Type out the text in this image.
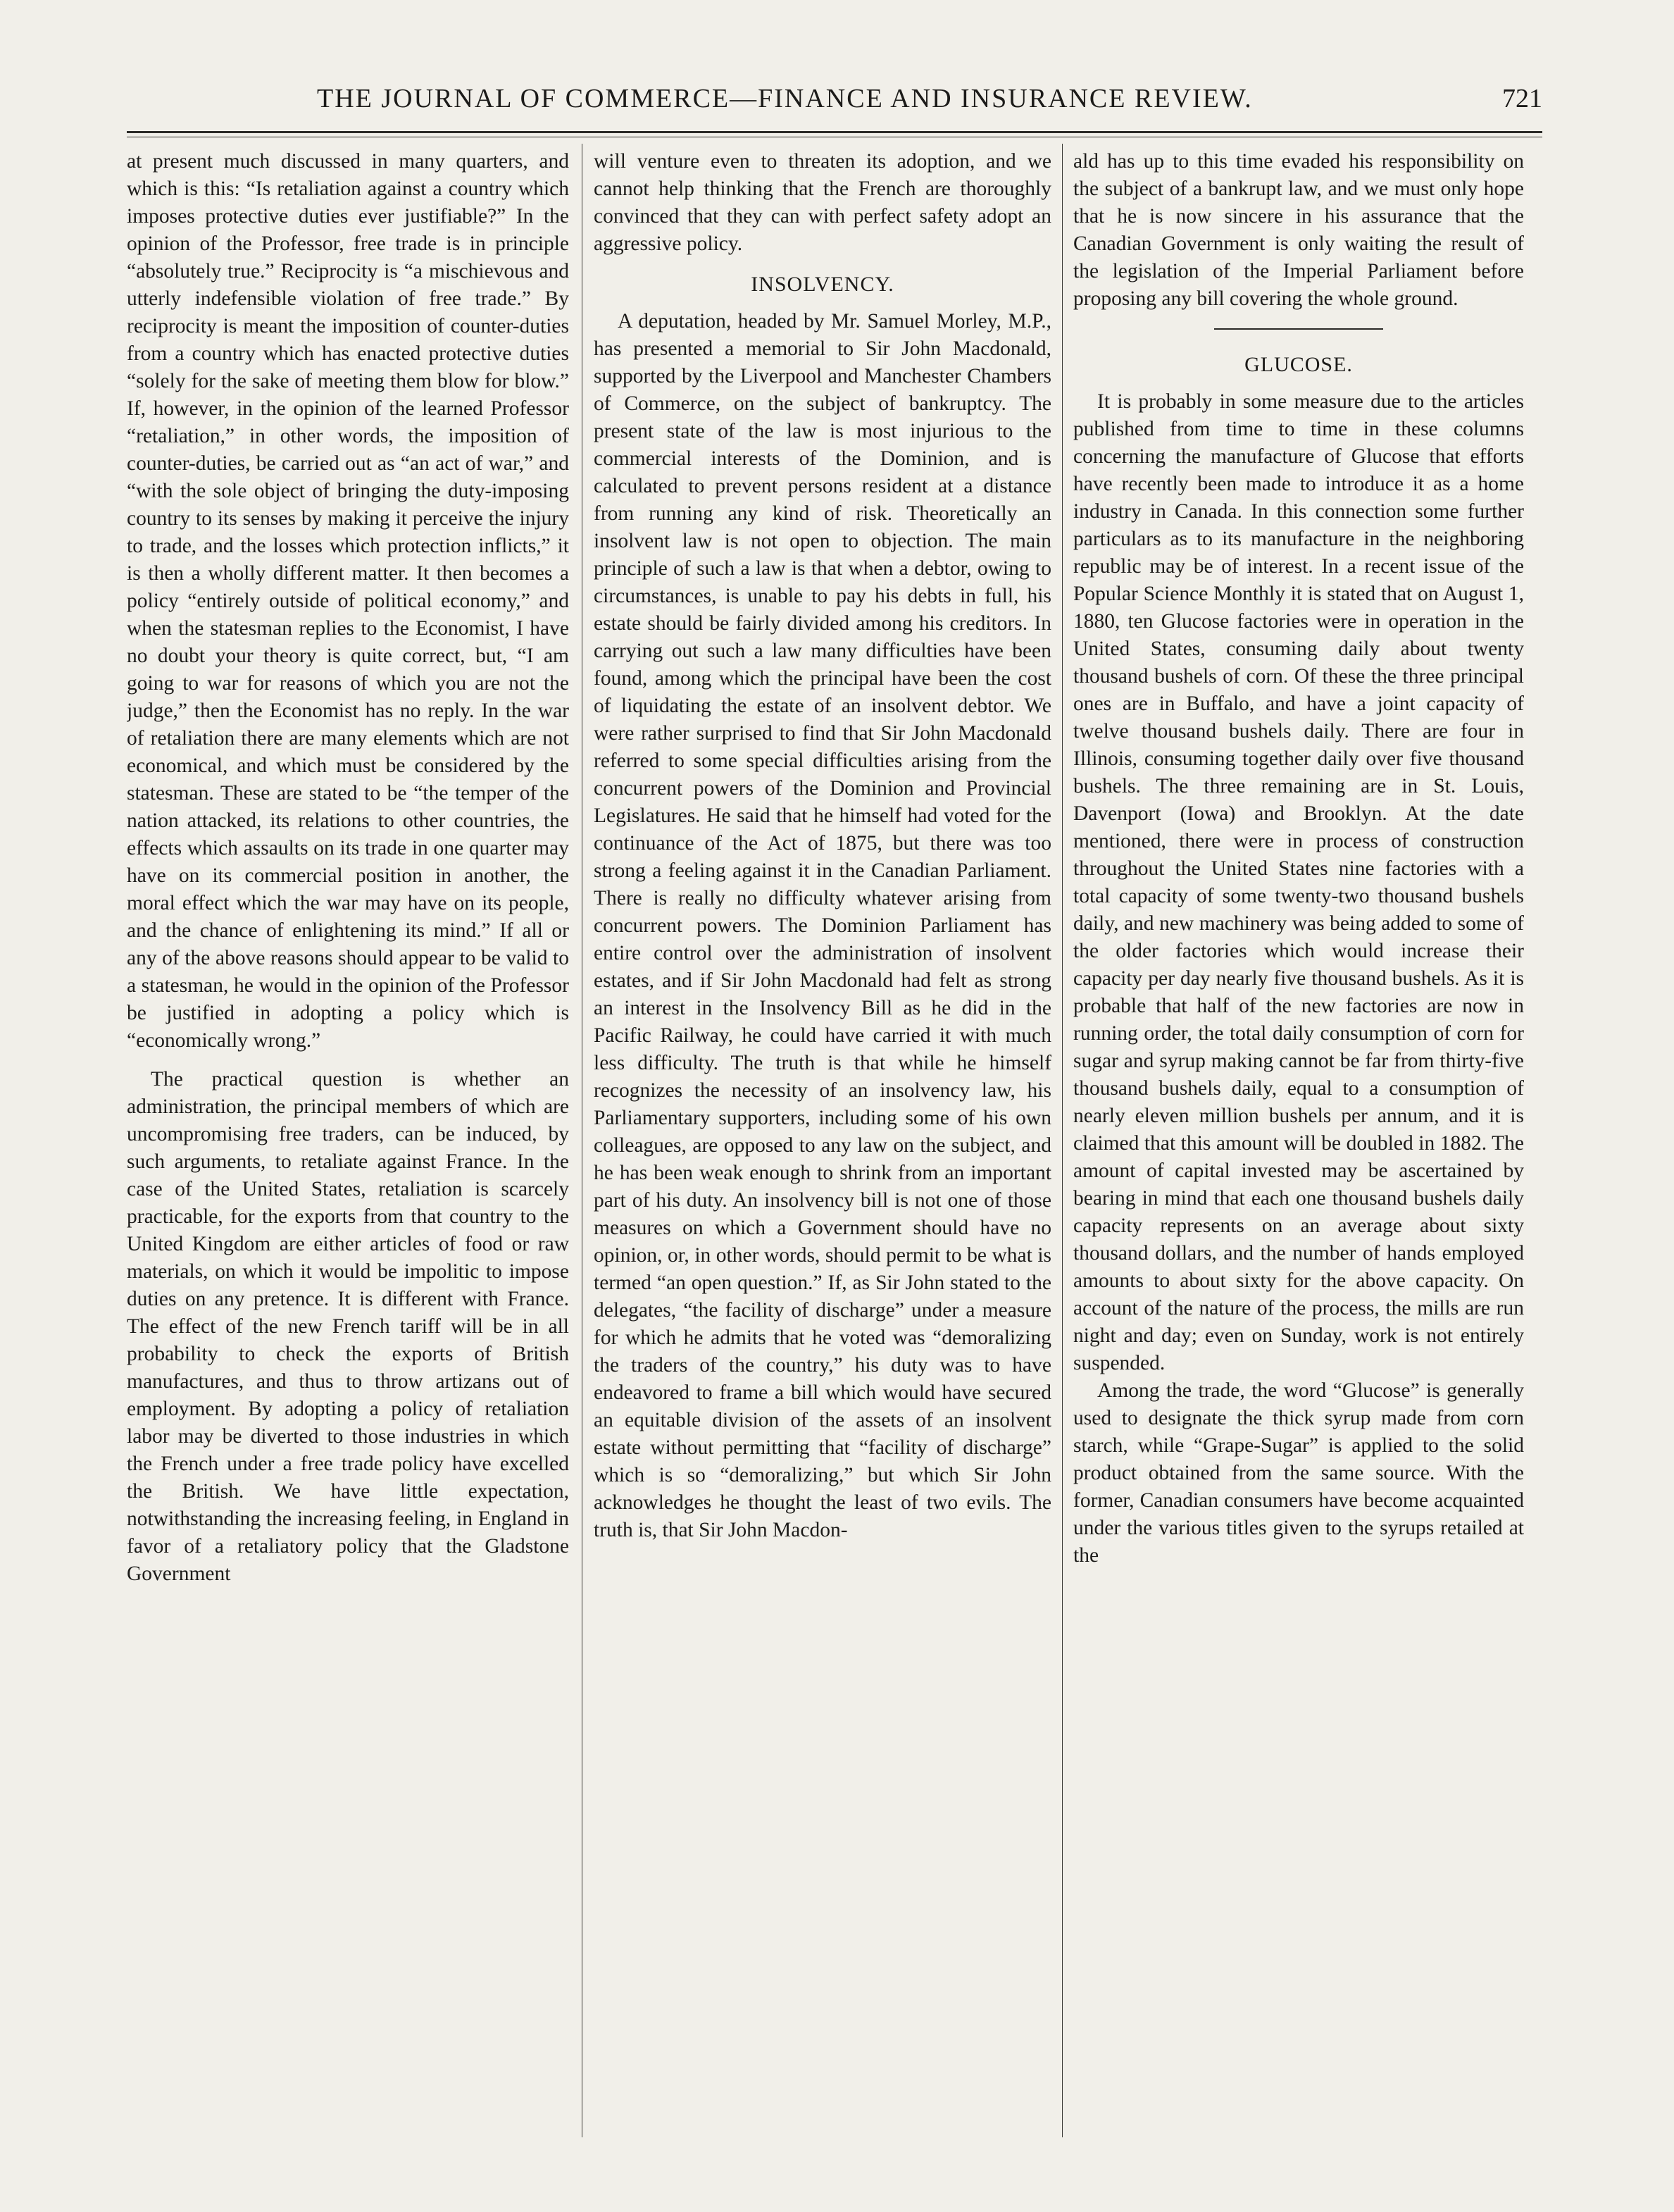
THE JOURNAL OF COMMERCE—FINANCE AND INSURANCE REVIEW.	721

at present much discussed in many quarters, and which is this: “Is retaliation against a country which imposes protective duties ever justifiable?” In the opinion of the Professor, free trade is in principle “absolutely true.” Reciprocity is “a mischievous and utterly indefensible violation of free trade.” By reciprocity is meant the imposition of counter-duties from a country which has enacted protective duties “solely for the sake of meeting them blow for blow.” If, however, in the opinion of the learned Professor “retaliation,” in other words, the imposition of counter-duties, be carried out as “an act of war,” and “with the sole object of bringing the duty-imposing country to its senses by making it perceive the injury to trade, and the losses which protection inflicts,” it is then a wholly different matter. It then becomes a policy “entirely outside of political economy,” and when the statesman replies to the Economist, I have no doubt your theory is quite correct, but, “I am going to war for reasons of which you are not the judge,” then the Economist has no reply. In the war of retaliation there are many elements which are not economical, and which must be considered by the statesman. These are stated to be “the temper of the nation attacked, its relations to other countries, the effects which assaults on its trade in one quarter may have on its commercial position in another, the moral effect which the war may have on its people, and the chance of enlightening its mind.” If all or any of the above reasons should appear to be valid to a statesman, he would in the opinion of the Professor be justified in adopting a policy which is “economically wrong.”

The practical question is whether an administration, the principal members of which are uncompromising free traders, can be induced, by such arguments, to retaliate against France. In the case of the United States, retaliation is scarcely practicable, for the exports from that country to the United Kingdom are either articles of food or raw materials, on which it would be impolitic to impose duties on any pretence. It is different with France. The effect of the new French tariff will be in all probability to check the exports of British manufactures, and thus to throw artizans out of employment. By adopting a policy of retaliation labor may be diverted to those industries in which the French under a free trade policy have excelled the British. We have little expectation, notwithstanding the increasing feeling, in England in favor of a retaliatory policy that the Gladstone Government

will venture even to threaten its adoption, and we cannot help thinking that the French are thoroughly convinced that they can with perfect safety adopt an aggressive policy.

INSOLVENCY.

A deputation, headed by Mr. Samuel Morley, M.P., has presented a memorial to Sir John Macdonald, supported by the Liverpool and Manchester Chambers of Commerce, on the subject of bankruptcy. The present state of the law is most injurious to the commercial interests of the Dominion, and is calculated to prevent persons resident at a distance from running any kind of risk. Theoretically an insolvent law is not open to objection. The main principle of such a law is that when a debtor, owing to circumstances, is unable to pay his debts in full, his estate should be fairly divided among his creditors. In carrying out such a law many difficulties have been found, among which the principal have been the cost of liquidating the estate of an insolvent debtor. We were rather surprised to find that Sir John Macdonald referred to some special difficulties arising from the concurrent powers of the Dominion and Provincial Legislatures. He said that he himself had voted for the continuance of the Act of 1875, but there was too strong a feeling against it in the Canadian Parliament. There is really no difficulty whatever arising from concurrent powers. The Dominion Parliament has entire control over the administration of insolvent estates, and if Sir John Macdonald had felt as strong an interest in the Insolvency Bill as he did in the Pacific Railway, he could have carried it with much less difficulty. The truth is that while he himself recognizes the necessity of an insolvency law, his Parliamentary supporters, including some of his own colleagues, are opposed to any law on the subject, and he has been weak enough to shrink from an important part of his duty. An insolvency bill is not one of those measures on which a Government should have no opinion, or, in other words, should permit to be what is termed “an open question.” If, as Sir John stated to the delegates, “the facility of discharge” under a measure for which he admits that he voted was “demoralizing the traders of the country,” his duty was to have endeavored to frame a bill which would have secured an equitable division of the assets of an insolvent estate without permitting that “facility of discharge” which is so “demoralizing,” but which Sir John acknowledges he thought the least of two evils. The truth is, that Sir John Macdon-

ald has up to this time evaded his responsibility on the subject of a bankrupt law, and we must only hope that he is now sincere in his assurance that the Canadian Government is only waiting the result of the legislation of the Imperial Parliament before proposing any bill covering the whole ground.

GLUCOSE.

It is probably in some measure due to the articles published from time to time in these columns concerning the manufacture of Glucose that efforts have recently been made to introduce it as a home industry in Canada. In this connection some further particulars as to its manufacture in the neighboring republic may be of interest. In a recent issue of the Popular Science Monthly it is stated that on August 1, 1880, ten Glucose factories were in operation in the United States, consuming daily about twenty thousand bushels of corn. Of these the three principal ones are in Buffalo, and have a joint capacity of twelve thousand bushels daily. There are four in Illinois, consuming together daily over five thousand bushels. The three remaining are in St. Louis, Davenport (Iowa) and Brooklyn. At the date mentioned, there were in process of construction throughout the United States nine factories with a total capacity of some twenty-two thousand bushels daily, and new machinery was being added to some of the older factories which would increase their capacity per day nearly five thousand bushels. As it is probable that half of the new factories are now in running order, the total daily consumption of corn for sugar and syrup making cannot be far from thirty-five thousand bushels daily, equal to a consumption of nearly eleven million bushels per annum, and it is claimed that this amount will be doubled in 1882. The amount of capital invested may be ascertained by bearing in mind that each one thousand bushels daily capacity represents on an average about sixty thousand dollars, and the number of hands employed amounts to about sixty for the above capacity. On account of the nature of the process, the mills are run night and day; even on Sunday, work is not entirely suspended.

Among the trade, the word “Glucose” is generally used to designate the thick syrup made from corn starch, while “Grape-Sugar” is applied to the solid product obtained from the same source. With the former, Canadian consumers have become acquainted under the various titles given to the syrups retailed at the
